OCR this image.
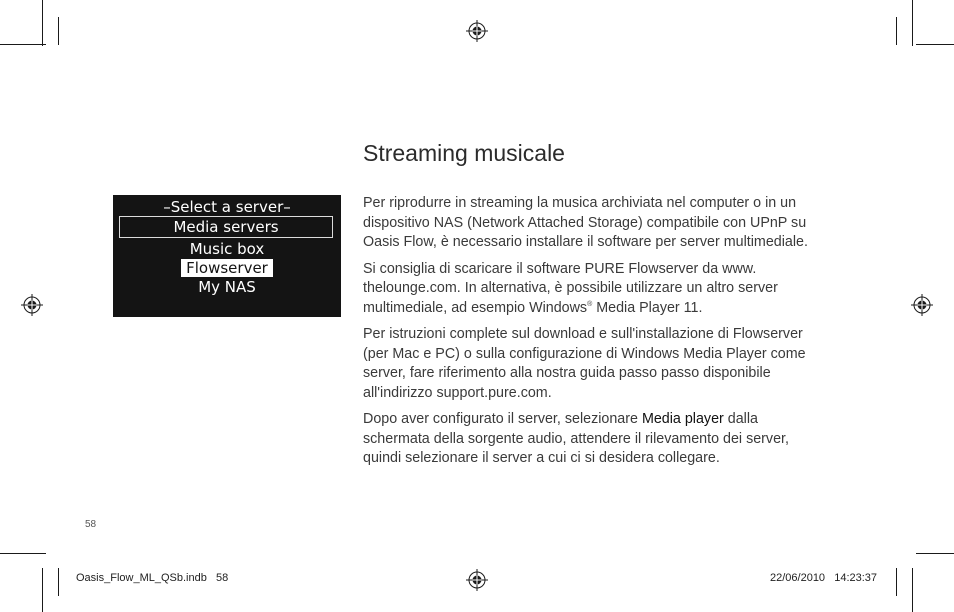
Streaming musicale
–Select a server–
Media servers
Music box
Flowserver
My NAS

Per riprodurre in streaming la musica archiviata nel computer o in un
dispositivo NAS (Network Attached Storage) compatibile con UPnP su
Oasis Flow, è necessario installare il software per server multimediale.

Si consiglia di scaricare il software PURE Flowserver da www.
thelounge.com. In alternativa, è possibile utilizzare un altro server
multimediale, ad esempio Windows® Media Player 11.

Per istruzioni complete sul download e sull'installazione di Flowserver
(per Mac e PC) o sulla configurazione di Windows Media Player come
server, fare riferimento alla nostra guida passo passo disponibile
all'indirizzo support.pure.com.

Dopo aver configurato il server, selezionare Media player dalla
schermata della sorgente audio, attendere il rilevamento dei server,
quindi selezionare il server a cui ci si desidera collegare.

58
Oasis_Flow_ML_QSb.indb   58	22/06/2010   14:23:37
